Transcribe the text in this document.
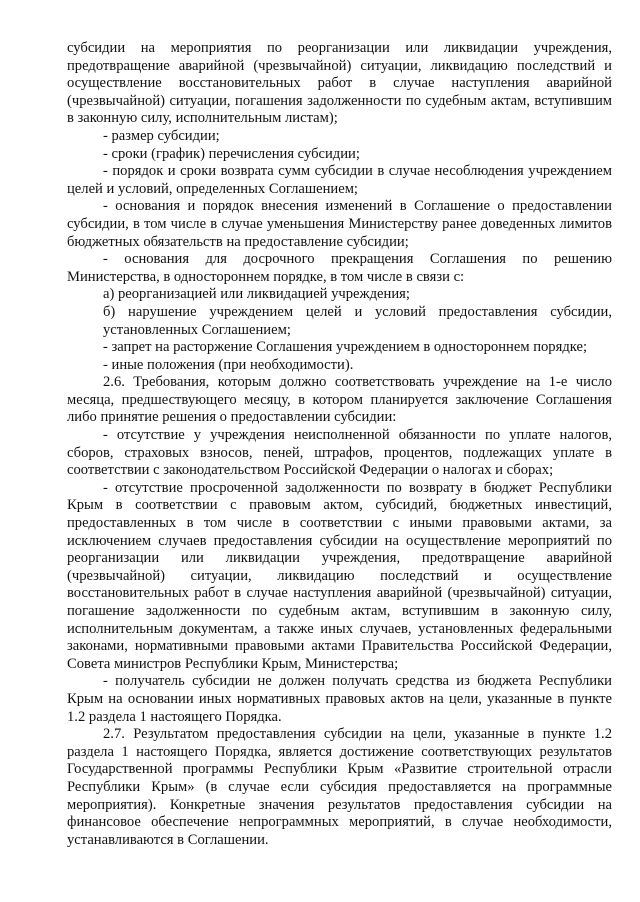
субсидии на мероприятия по реорганизации или ликвидации учреждения, предотвращение аварийной (чрезвычайной) ситуации, ликвидацию последствий и осуществление восстановительных работ в случае наступления аварийной (чрезвычайной) ситуации, погашения задолженности по судебным актам, вступившим в законную силу, исполнительным листам);

- размер субсидии;

- сроки (график) перечисления субсидии;

- порядок и сроки возврата сумм субсидии в случае несоблюдения учреждением целей и условий, определенных Соглашением;

- основания и порядок внесения изменений в Соглашение о предоставлении субсидии, в том числе в случае уменьшения Министерству ранее доведенных лимитов бюджетных обязательств на предоставление субсидии;

- основания для досрочного прекращения Соглашения по решению Министерства, в одностороннем порядке, в том числе в связи с:

а) реорганизацией или ликвидацией учреждения;

б) нарушение учреждением целей и условий предоставления субсидии, установленных Соглашением;

- запрет на расторжение Соглашения учреждением в одностороннем порядке;

- иные положения (при необходимости).

2.6. Требования, которым должно соответствовать учреждение на 1-е число месяца, предшествующего месяцу, в котором планируется заключение Соглашения либо принятие решения о предоставлении субсидии:

- отсутствие у учреждения неисполненной обязанности по уплате налогов, сборов, страховых взносов, пеней, штрафов, процентов, подлежащих уплате в соответствии с законодательством Российской Федерации о налогах и сборах;

- отсутствие просроченной задолженности по возврату в бюджет Республики Крым в соответствии с правовым актом, субсидий, бюджетных инвестиций, предоставленных в том числе в соответствии с иными правовыми актами, за исключением случаев предоставления субсидии на осуществление мероприятий по реорганизации или ликвидации учреждения, предотвращение аварийной (чрезвычайной) ситуации, ликвидацию последствий и осуществление восстановительных работ в случае наступления аварийной (чрезвычайной) ситуации, погашение задолженности по судебным актам, вступившим в законную силу, исполнительным документам, а также иных случаев, установленных федеральными законами, нормативными правовыми актами Правительства Российской Федерации, Совета министров Республики Крым, Министерства;

- получатель субсидии не должен получать средства из бюджета Республики Крым на основании иных нормативных правовых актов на цели, указанные в пункте 1.2 раздела 1 настоящего Порядка.

2.7. Результатом предоставления субсидии на цели, указанные в пункте 1.2 раздела 1 настоящего Порядка, является достижение соответствующих результатов Государственной программы Республики Крым «Развитие строительной отрасли Республики Крым» (в случае если субсидия предоставляется на программные мероприятия). Конкретные значения результатов предоставления субсидии на финансовое обеспечение непрограммных мероприятий, в случае необходимости, устанавливаются в Соглашении.
